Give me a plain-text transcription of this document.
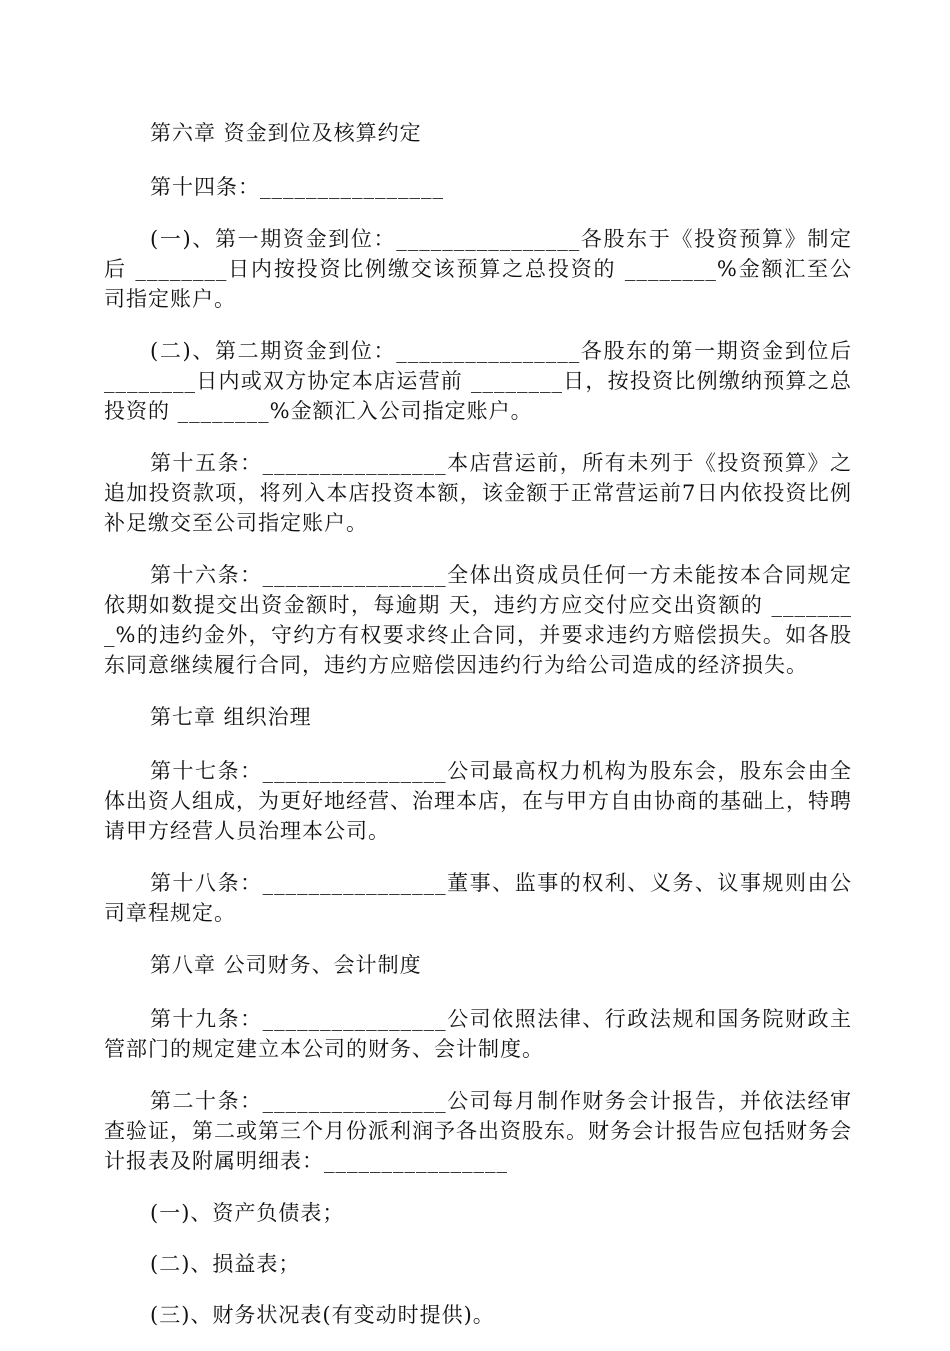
第六章 资金到位及核算约定

第十四条：________________

(一)、第一期资金到位：________________各股东于《投资预算》制定后 ________日内按投资比例缴交该预算之总投资的 ________%金额汇至公司指定账户。

(二)、第二期资金到位：________________各股东的第一期资金到位后 ________日内或双方协定本店运营前 ________日，按投资比例缴纳预算之总投资的 ________%金额汇入公司指定账户。

第十五条：________________本店营运前，所有未列于《投资预算》之追加投资款项，将列入本店投资本额，该金额于正常营运前7日内依投资比例补足缴交至公司指定账户。

第十六条：________________全体出资成员任何一方未能按本合同规定依期如数提交出资金额时，每逾期 天，违约方应交付应交出资额的 ________%的违约金外，守约方有权要求终止合同，并要求违约方赔偿损失。如各股东同意继续履行合同，违约方应赔偿因违约行为给公司造成的经济损失。

第七章 组织治理

第十七条：________________公司最高权力机构为股东会，股东会由全体出资人组成，为更好地经营、治理本店，在与甲方自由协商的基础上，特聘请甲方经营人员治理本公司。

第十八条：________________董事、监事的权利、义务、议事规则由公司章程规定。

第八章 公司财务、会计制度

第十九条：________________公司依照法律、行政法规和国务院财政主管部门的规定建立本公司的财务、会计制度。

第二十条：________________公司每月制作财务会计报告，并依法经审查验证，第二或第三个月份派利润予各出资股东。财务会计报告应包括财务会计报表及附属明细表：________________

(一)、资产负债表；

(二)、损益表；

(三)、财务状况表(有变动时提供)。
